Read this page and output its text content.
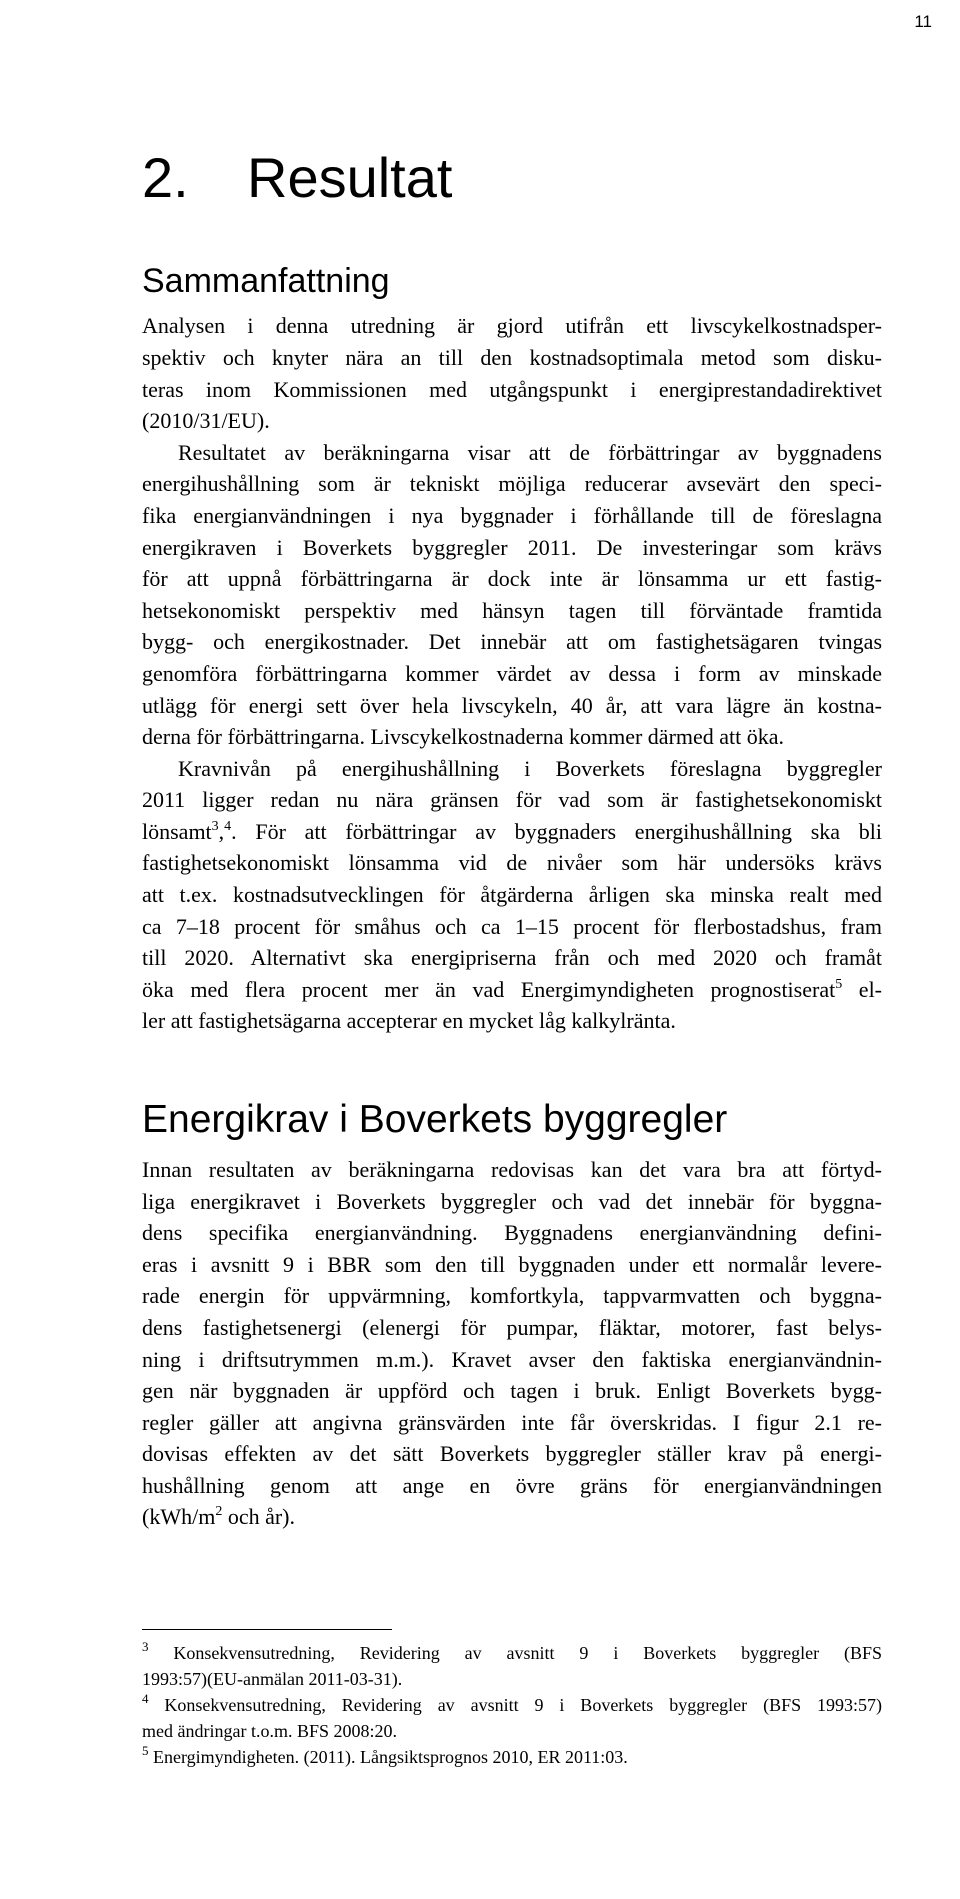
11
2. Resultat
Sammanfattning

Analysen i denna utredning är gjord utifrån ett livscykelkostnadsper-
spektiv och knyter nära an till den kostnadsoptimala metod som disku-
teras inom Kommissionen med utgångspunkt i energiprestandadirektivet
(2010/31/EU).

Resultatet av beräkningarna visar att de förbättringar av byggnadens
energihushållning som är tekniskt möjliga reducerar avsevärt den speci-
fika energianvändningen i nya byggnader i förhållande till de föreslagna
energikraven i Boverkets byggregler 2011. De investeringar som krävs
för att uppnå förbättringarna är dock inte är lönsamma ur ett fastig-
hetsekonomiskt perspektiv med hänsyn tagen till förväntade framtida
bygg- och energikostnader. Det innebär att om fastighetsägaren tvingas
genomföra förbättringarna kommer värdet av dessa i form av minskade
utlägg för energi sett över hela livscykeln, 40 år, att vara lägre än kostna-
derna för förbättringarna. Livscykelkostnaderna kommer därmed att öka.

Kravnivån på energihushållning i Boverkets föreslagna byggregler
2011 ligger redan nu nära gränsen för vad som är fastighetsekonomiskt
lönsamt$^3$,$^4$. För att förbättringar av byggnaders energihushållning ska bli
fastighetsekonomiskt lönsamma vid de nivåer som här undersöks krävs
att t.ex. kostnadsutvecklingen för åtgärderna årligen ska minska realt med
ca 7–18 procent för småhus och ca 1–15 procent för flerbostadshus, fram
till 2020. Alternativt ska energipriserna från och med 2020 och framåt
öka med flera procent mer än vad Energimyndigheten prognostiserat$^5$ el-
ler att fastighetsägarna accepterar en mycket låg kalkylränta.

Energikrav i Boverkets byggregler

Innan resultaten av beräkningarna redovisas kan det vara bra att förtyd-
liga energikravet i Boverkets byggregler och vad det innebär för byggna-
dens specifika energianvändning. Byggnadens energianvändning defini-
eras i avsnitt 9 i BBR som den till byggnaden under ett normalår levere-
rade energin för uppvärmning, komfortkyla, tappvarmvatten och byggna-
dens fastighetsenergi (elenergi för pumpar, fläktar, motorer, fast belys-
ning i driftsutrymmen m.m.). Kravet avser den faktiska energianvändnin-
gen när byggnaden är uppförd och tagen i bruk. Enligt Boverkets bygg-
regler gäller att angivna gränsvärden inte får överskridas. I figur 2.1 re-
dovisas effekten av det sätt Boverkets byggregler ställer krav på energi-
hushållning genom att ange en övre gräns för energianvändningen
($kWh/m^2$ och år).

$^3$ Konsekvensutredning, Revidering av avsnitt 9 i Boverkets byggregler (BFS
1993:57)(EU-anmälan 2011-03-31).

$^4$ Konsekvensutredning, Revidering av avsnitt 9 i Boverkets byggregler (BFS 1993:57)
med ändringar t.o.m. BFS 2008:20.

$^5$ Energimyndigheten. (2011). Långsiktsprognos 2010, ER 2011:03.
